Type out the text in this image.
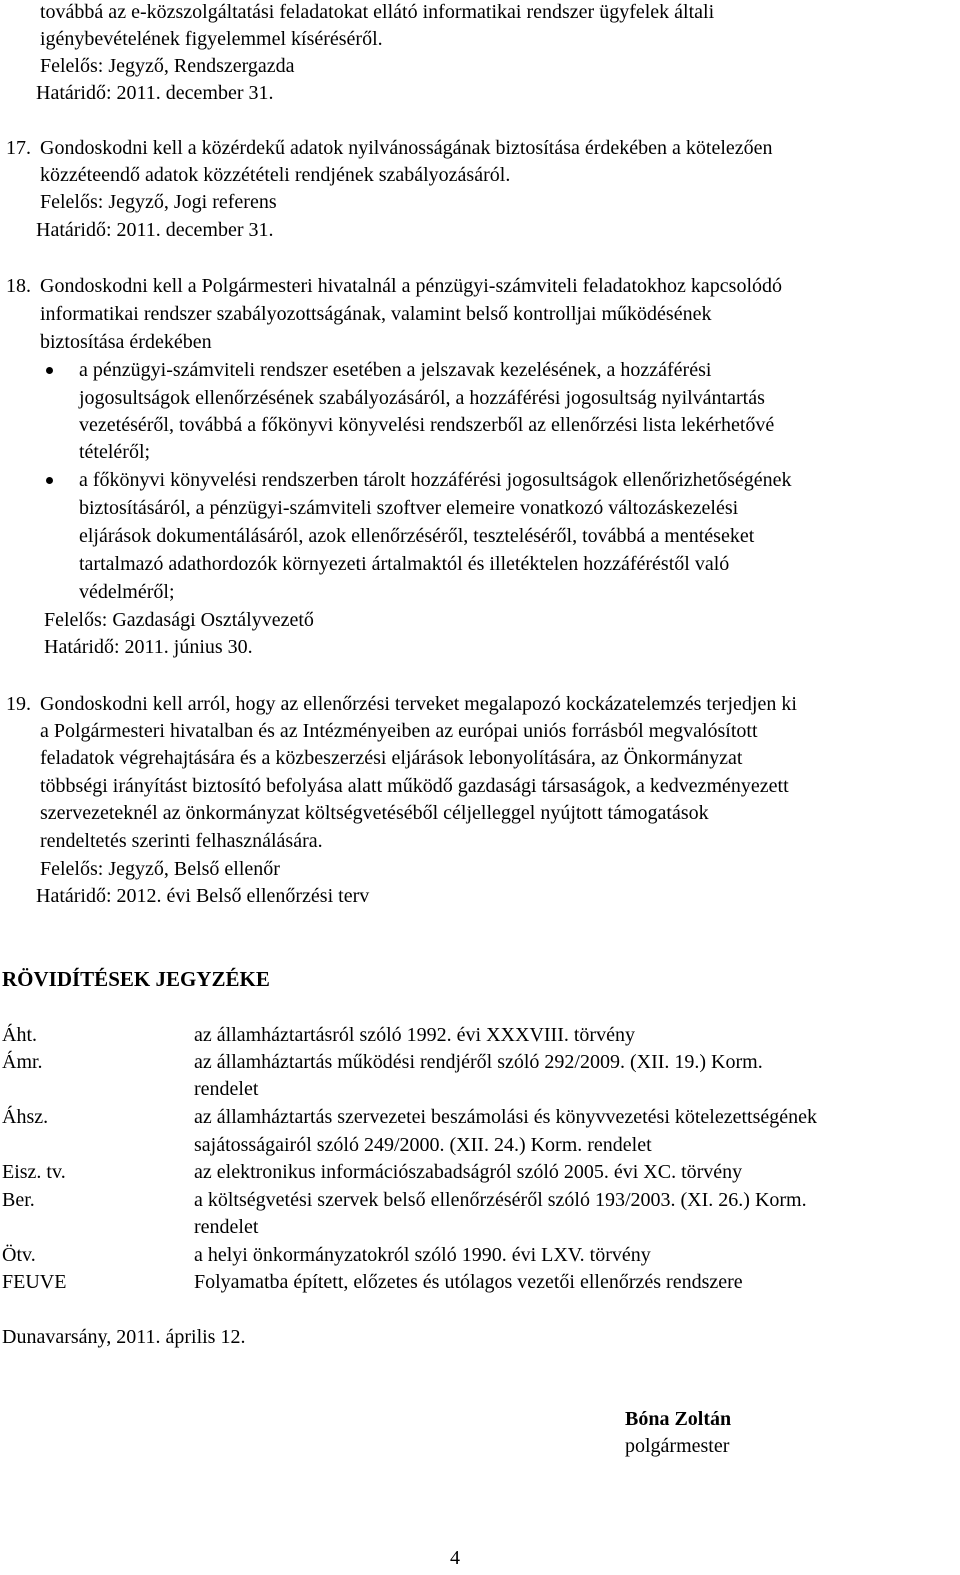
továbbá az e-közszolgáltatási feladatokat ellátó informatikai rendszer ügyfelek általi
igénybevételének figyelemmel kíséréséről.
Felelős: Jegyző, Rendszergazda
Határidő: 2011. december 31.
17. Gondoskodni kell a közérdekű adatok nyilvánosságának biztosítása érdekében a kötelezően
közzéteendő adatok közzétételi rendjének szabályozásáról.
Felelős: Jegyző, Jogi referens
Határidő: 2011. december 31.
18. Gondoskodni kell a Polgármesteri hivatalnál a pénzügyi-számviteli feladatokhoz kapcsolódó
informatikai rendszer szabályozottságának, valamint belső kontrolljai működésének
biztosítása érdekében
a pénzügyi-számviteli rendszer esetében a jelszavak kezelésének, a hozzáférési
jogosultságok ellenőrzésének szabályozásáról, a hozzáférési jogosultság nyilvántartás
vezetéséről, továbbá a főkönyvi könyvelési rendszerből az ellenőrzési lista lekérhetővé
tételéről;
a főkönyvi könyvelési rendszerben tárolt hozzáférési jogosultságok ellenőrizhetőségének
biztosításáról, a pénzügyi-számviteli szoftver elemeire vonatkozó változáskezelési
eljárások dokumentálásáról, azok ellenőrzéséről, teszteléséről, továbbá a mentéseket
tartalmazó adathordozók környezeti ártalmaktól és illetéktelen hozzáféréstől való
védelméről;
Felelős: Gazdasági Osztályvezető
Határidő: 2011. június 30.
19. Gondoskodni kell arról, hogy az ellenőrzési terveket megalapozó kockázatelemzés terjedjen ki
a Polgármesteri hivatalban és az Intézményeiben az európai uniós forrásból megvalósított
feladatok végrehajtására és a közbeszerzési eljárások lebonyolítására, az Önkormányzat
többségi irányítást biztosító befolyása alatt működő gazdasági társaságok, a kedvezményezett
szervezeteknél az önkormányzat költségvetéséből céljelleggel nyújtott támogatások
rendeltetés szerinti felhasználására.
Felelős: Jegyző, Belső ellenőr
Határidő: 2012. évi Belső ellenőrzési terv
RÖVIDÍTÉSEK JEGYZÉKE
Áht.	az államháztartásról szóló 1992. évi XXXVIII. törvény
Ámr.	az államháztartás működési rendjéről szóló 292/2009. (XII. 19.) Korm.
rendelet
Áhsz.	az államháztartás szervezetei beszámolási és könyvvezetési kötelezettségének
sajátosságairól szóló 249/2000. (XII. 24.) Korm. rendelet
Eisz. tv.	az elektronikus információszabadságról szóló 2005. évi XC. törvény
Ber.	a költségvetési szervek belső ellenőrzéséről szóló 193/2003. (XI. 26.) Korm.
rendelet
Ötv.	a helyi önkormányzatokról szóló 1990. évi LXV. törvény
FEUVE	Folyamatba épített, előzetes és utólagos vezetői ellenőrzés rendszere
Dunavarsány, 2011. április 12.
Bóna Zoltán
polgármester
4
